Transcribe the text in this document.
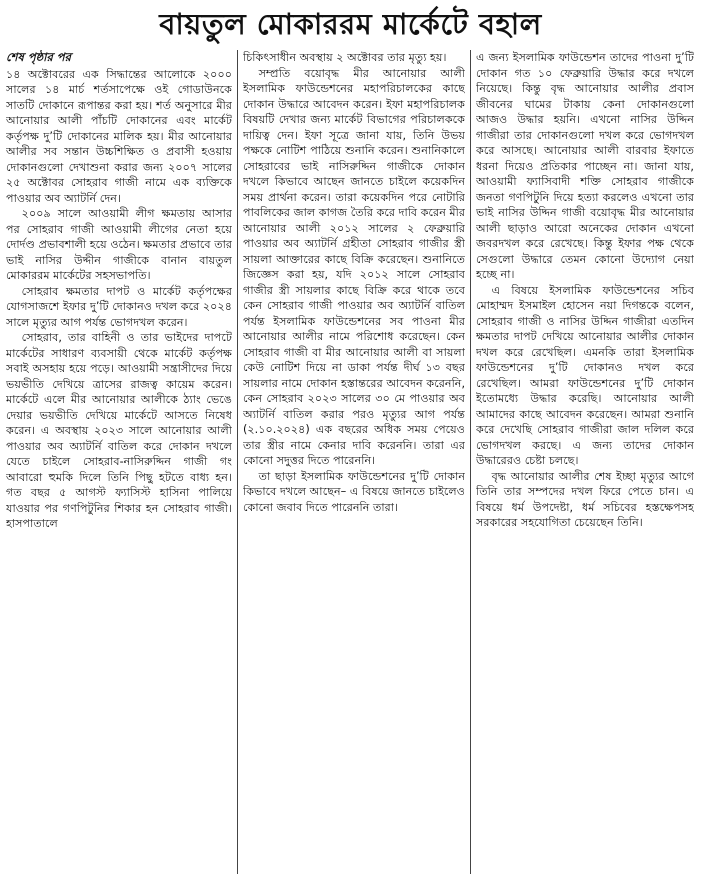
বায়তুল মোকাররম মার্কেটে বহাল
শেষ পৃষ্ঠার পর

১৪ অক্টোবরের এক সিদ্ধান্তের আলোকে ২০০০ সালের ১৪ মার্চ শর্তসাপেক্ষে ওই গোডাউনকে সাতটি দোকানে রূপান্তর করা হয়। শর্ত অনুসারে মীর আনোয়ার আলী পাঁচটি দোকানের এবং মার্কেট কর্তৃপক্ষ দু’টি দোকানের মালিক হয়। মীর আনোয়ার আলীর সব সন্তান উচ্চশিক্ষিত ও প্রবাসী হওয়ায় দোকানগুলো দেখাশুনা করার জন্য ২০০৭ সালের ২৫ অক্টোবর সোহরাব গাজী নামে এক ব্যক্তিকে পাওয়ার অব অ্যাটর্নি দেন।

২০০৯ সালে আওয়ামী লীগ ক্ষমতায় আসার পর সোহরাব গাজী আওয়ামী লীগের নেতা হয়ে দোর্দণ্ড প্রভাবশালী হয়ে ওঠেন। ক্ষমতার প্রভাবে তার ভাই নাসির উদ্দীন গাজীকে বানান বায়তুল মোকাররম মার্কেটের সহসভাপতি।

সোহরাব ক্ষমতার দাপট ও মার্কেট কর্তৃপক্ষের যোগসাজশে ইফার দু’টি দোকানও দখল করে ২০২৪ সালে মৃত্যুর আগ পর্যন্ত ভোগদখল করেন।

সোহরাব, তার বাহিনী ও তার ভাইদের দাপটে মার্কেটের সাধারণ ব্যবসায়ী থেকে মার্কেট কর্তৃপক্ষ সবাই অসহায় হয়ে পড়ে। আওয়ামী সন্ত্রাসীদের দিয়ে ভয়ভীতি দেখিয়ে ত্রাসের রাজত্ব কায়েম করেন। মার্কেটে এলে মীর আনোয়ার আলীকে ঠ্যাং ভেঙে দেয়ার ভয়ভীতি দেখিয়ে মার্কেটে আসতে নিষেধ করেন। এ অবস্থায় ২০২৩ সালে আনোয়ার আলী পাওয়ার অব অ্যাটর্নি বাতিল করে দোকান দখলে যেতে চাইলে সোহরাব-নাসিরুদ্দিন গাজী গং আবারো হুমকি দিলে তিনি পিছু হটতে বাধ্য হন। গত বছর ৫ আগস্ট ফ্যাসিস্ট হাসিনা পালিয়ে যাওয়ার পর গণপিটুনির শিকার হন সোহরাব গাজী। হাসপাতালে

চিকিৎসাধীন অবস্থায় ২ অক্টোবর তার মৃত্যু হয়।

সম্প্রতি বয়োবৃদ্ধ মীর আনোয়ার আলী ইসলামিক ফাউন্ডেশনের মহাপরিচালকের কাছে দোকান উদ্ধারে আবেদন করেন। ইফা মহাপরিচালক বিষয়টি দেখার জন্য মার্কেট বিভাগের পরিচালককে দায়িত্ব দেন। ইফা সূত্রে জানা যায়, তিনি উভয় পক্ষকে নোটিশ পাঠিয়ে শুনানি করেন। শুনানিকালে সোহরাবের ভাই নাসিরুদ্দিন গাজীকে দোকান দখলে কিভাবে আছেন জানতে চাইলে কয়েকদিন সময় প্রার্থনা করেন। তারা কয়েকদিন পরে নোটারি পাবলিকের জাল কাগজ তৈরি করে দাবি করেন মীর আনোয়ার আলী ২০১২ সালের ২ ফেব্রুয়ারি পাওয়ার অব অ্যাটর্নি গ্রহীতা সোহরাব গাজীর স্ত্রী সায়লা আক্তারের কাছে বিক্রি করেছেন। শুনানিতে জিজ্ঞেস করা হয়, যদি ২০১২ সালে সোহরাব গাজীর স্ত্রী সায়লার কাছে বিক্রি করে থাকে তবে কেন সোহরাব গাজী পাওয়ার অব অ্যাটর্নি বাতিল পর্যন্ত ইসলামিক ফাউন্ডেশনের সব পাওনা মীর আনোয়ার আলীর নামে পরিশোধ করেছেন। কেন সোহরাব গাজী বা মীর আনোয়ার আলী বা সায়লা কেউ নোটিশ দিয়ে না ডাকা পর্যন্ত দীর্ঘ ১৩ বছর সায়লার নামে দোকান হস্তান্তরের আবেদন করেননি, কেন সোহরাব ২০২৩ সালের ৩০ মে পাওয়ার অব অ্যাটর্নি বাতিল করার পরও মৃত্যুর আগ পর্যন্ত (২.১০.২০২৪) এক বছরের অধিক সময় পেয়েও তার স্ত্রীর নামে কেনার দাবি করেননি। তারা এর কোনো সদুত্তর দিতে পারেননি।

তা ছাড়া ইসলামিক ফাউন্ডেশনের দু’টি দোকান কিভাবে দখলে আছেন– এ বিষয়ে জানতে চাইলেও কোনো জবাব দিতে পারেননি তারা।

এ জন্য ইসলামিক ফাউন্ডেশন তাদের পাওনা দু’টি দোকান গত ১০ ফেব্রুয়ারি উদ্ধার করে দখলে নিয়েছে। কিন্তু বৃদ্ধ আনোয়ার আলীর প্রবাস জীবনের ঘামের টাকায় কেনা দোকানগুলো আজও উদ্ধার হয়নি। এখনো নাসির উদ্দিন গাজীরা তার দোকানগুলো দখল করে ভোগদখল করে আসছে। আনোয়ার আলী বারবার ইফাতে ধরনা দিয়েও প্রতিকার পাচ্ছেন না। জানা যায়, আওয়ামী ফ্যাসিবাদী শক্তি সোহরাব গাজীকে জনতা গণপিটুনি দিয়ে হত্যা করলেও এখনো তার ভাই নাসির উদ্দিন গাজী বয়োবৃদ্ধ মীর আনোয়ার আলী ছাড়াও আরো অনেকের দোকান এখনো জবরদখল করে রেখেছে। কিন্তু ইফার পক্ষ থেকে সেগুলো উদ্ধারে তেমন কোনো উদ্যোগ নেয়া হচ্ছে না।

এ বিষয়ে ইসলামিক ফাউন্ডেশনের সচিব মোহাম্মদ ইসমাইল হোসেন নয়া দিগন্তকে বলেন, সোহরাব গাজী ও নাসির উদ্দিন গাজীরা এতদিন ক্ষমতার দাপট দেখিয়ে আনোয়ার আলীর দোকান দখল করে রেখেছিল। এমনকি তারা ইসলামিক ফাউন্ডেশনের দু’টি দোকানও দখল করে রেখেছিল। আমরা ফাউন্ডেশনের দু’টি দোকান ইতোমধ্যে উদ্ধার করেছি। আনোয়ার আলী আমাদের কাছে আবেদন করেছেন। আমরা শুনানি করে দেখেছি সোহরাব গাজীরা জাল দলিল করে ভোগদখল করছে। এ জন্য তাদের দোকান উদ্ধারেরও চেষ্টা চলছে।

বৃদ্ধ আনোয়ার আলীর শেষ ইচ্ছা মৃত্যুর আগে তিনি তার সম্পদের দখল ফিরে পেতে চান। এ বিষয়ে ধর্ম উপদেষ্টা, ধর্ম সচিবের হস্তক্ষেপসহ সরকারের সহযোগিতা চেয়েছেন তিনি।
